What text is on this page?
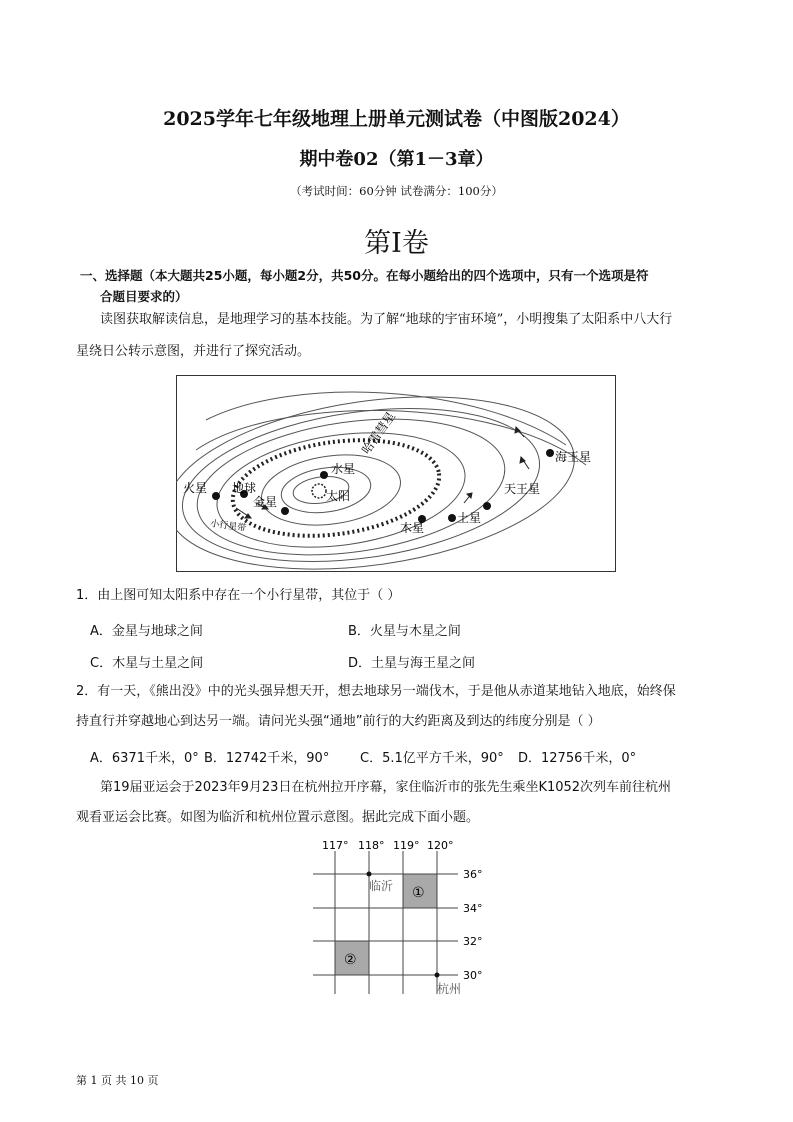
2025学年七年级地理上册单元测试卷（中图版2024）
期中卷02（第1－3章）
（考试时间：60分钟 试卷满分：100分）
第I卷
一、选择题（本大题共25小题，每小题2分，共50分。在每小题给出的四个选项中，只有一个选项是符
合题目要求的）
读图获取解读信息，是地理学习的基本技能。为了解“地球的宇宙环境”，小明搜集了太阳系中八大行
星绕日公转示意图，并进行了探究活动。
太阳
水星
金星
地球
火星
木星
土星
天王星
海王星
哈雷彗星
小行星带
1．由上图可知太阳系中存在一个小行星带，其位于（ ）
A．金星与地球之间	B．火星与木星之间
C．木星与土星之间	D．土星与海王星之间
2．有一天，《熊出没》中的光头强异想天开，想去地球另一端伐木，于是他从赤道某地钻入地底，始终保
持直行并穿越地心到达另一端。请问光头强“通地”前行的大约距离及到达的纬度分别是（ ）
A．6371千米，0° B．12742千米，90° C．5.1亿平方千米，90° D．12756千米，0°
第19届亚运会于2023年9月23日在杭州拉开序幕，家住临沂市的张先生乘坐K1052次列车前往杭州
观看亚运会比赛。如图为临沂和杭州位置示意图。据此完成下面小题。
117° 118° 119° 120°
36°
34°
32°
30°
临沂
杭州
①
②
第 1 页 共 10 页
